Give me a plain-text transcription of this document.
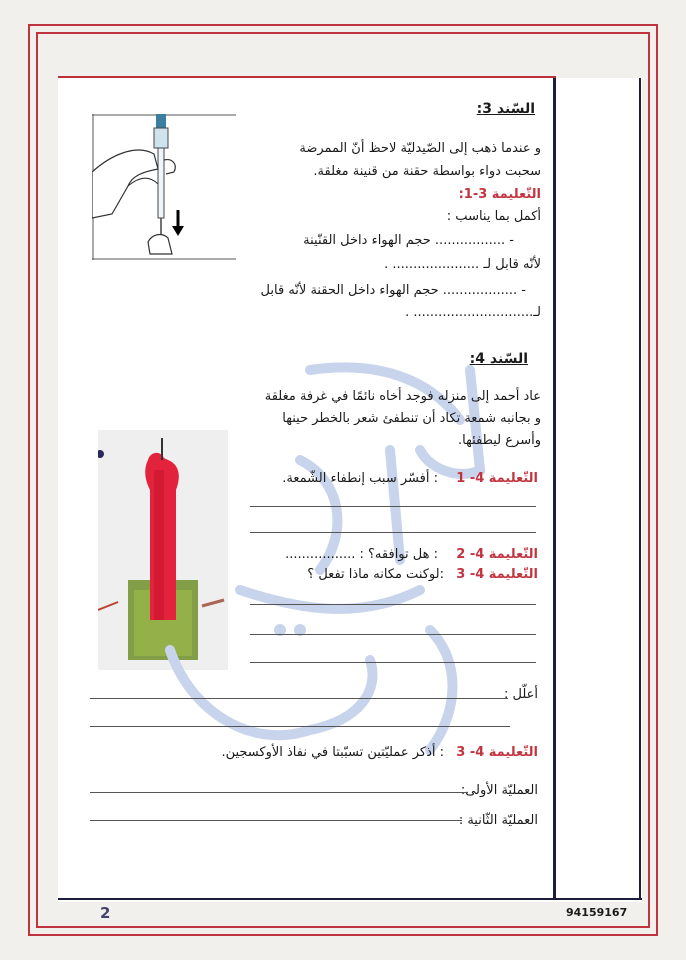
السّند 3:
و عندما ذهب إلى الصّيدليّة لاحظ أنّ الممرضة
سحبت دواء بواسطة حقنة من قنينة مغلقة.
التّعليمة 3-1:
أكمل بما يناسب :
- ................. حجم الهواء داخل القنّينة
لأنّه قابل لـ ..................... .
- .................. حجم الهواء داخل الحقنة لأنّه قابل
لـ............................. .
السّند 4:
عاد أحمد إلى منزله فوجد أخاه نائمًا في غرفة مغلقة
و بجانبه شمعة تكاد أن تنطفئ شعر بالخطر حينها
وأسرع ليطفئها.
التّعليمة 4- 1
: أفسّر سبب إنطفاء الشّمعة.
التّعليمة 4- 2
: هل توافقه؟ : .................
التّعليمة 4- 3
:لوكنت مكانه ماذا تفعل ؟
أعلّل :
التّعليمة 4- 3
: أذكر عمليّتين تسبّبتا في نفاذ الأوكسجين.
العمليّة الأولى:
العمليّة الثّانية :
2	94159167
